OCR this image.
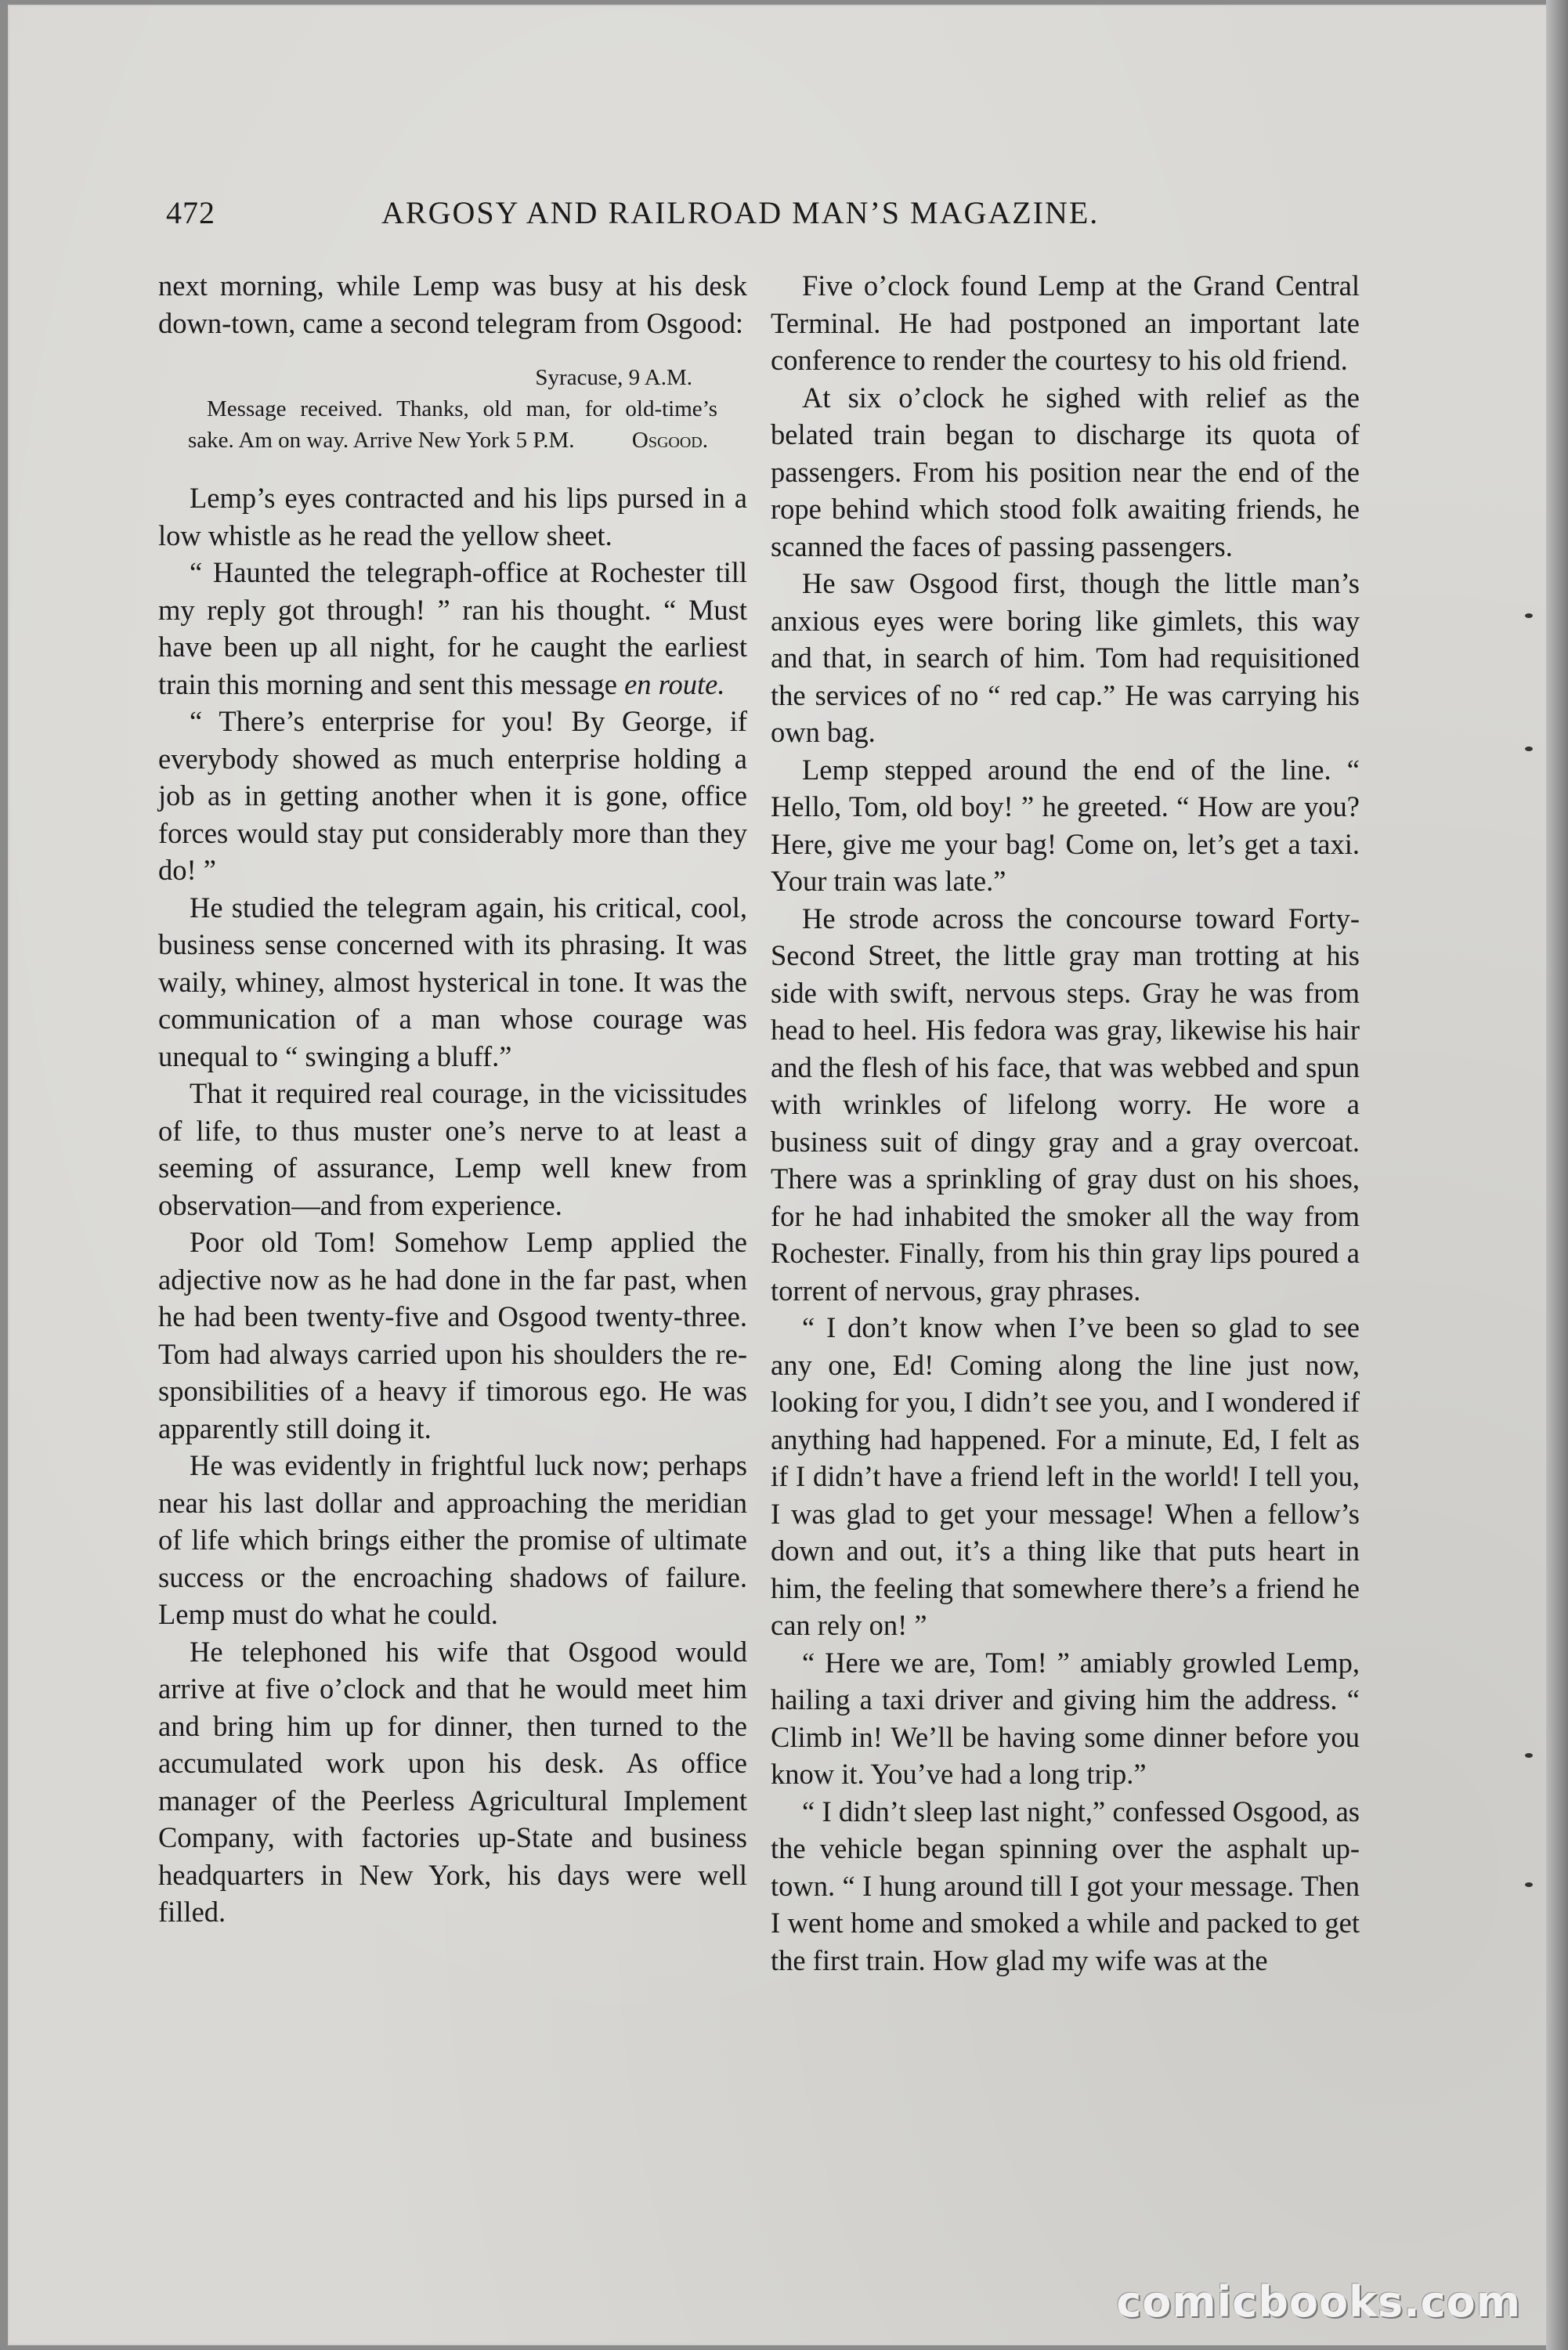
472	ARGOSY AND RAILROAD MAN’S MAGAZINE.

next morning, while Lemp was busy at his desk down-town, came a second telegram from Osgood:

Syracuse, 9 A.M.
Message received. Thanks, old man, for old-time’s sake. Am on way. Arrive New York 5 P.M.	Osgood.

Lemp’s eyes contracted and his lips pursed in a low whistle as he read the yellow sheet.

“ Haunted the telegraph-office at Rochester till my reply got through! ” ran his thought. “ Must have been up all night, for he caught the earliest train this morning and sent this message en route.

“ There’s enterprise for you! By George, if everybody showed as much enterprise holding a job as in getting another when it is gone, office forces would stay put considerably more than they do! ”

He studied the telegram again, his critical, cool, business sense concerned with its phrasing. It was waily, whiney, almost hysterical in tone. It was the communication of a man whose courage was unequal to “ swinging a bluff.”

That it required real courage, in the vicissitudes of life, to thus muster one’s nerve to at least a seeming of assurance, Lemp well knew from observation—and from experience.

Poor old Tom! Somehow Lemp applied the adjective now as he had done in the far past, when he had been twenty-five and Osgood twenty-three. Tom had always carried upon his shoulders the responsibilities of a heavy if timorous ego. He was apparently still doing it.

He was evidently in frightful luck now; perhaps near his last dollar and approaching the meridian of life which brings either the promise of ultimate success or the encroaching shadows of failure. Lemp must do what he could.

He telephoned his wife that Osgood would arrive at five o’clock and that he would meet him and bring him up for dinner, then turned to the accumulated work upon his desk. As office manager of the Peerless Agricultural Implement Company, with factories up-State and business headquarters in New York, his days were well filled.

Five o’clock found Lemp at the Grand Central Terminal. He had postponed an important late conference to render the courtesy to his old friend.

At six o’clock he sighed with relief as the belated train began to discharge its quota of passengers. From his position near the end of the rope behind which stood folk awaiting friends, he scanned the faces of passing passengers.

He saw Osgood first, though the little man’s anxious eyes were boring like gimlets, this way and that, in search of him. Tom had requisitioned the services of no “ red cap.” He was carrying his own bag.

Lemp stepped around the end of the line. “ Hello, Tom, old boy! ” he greeted. “ How are you? Here, give me your bag! Come on, let’s get a taxi. Your train was late.”

He strode across the concourse toward Forty-Second Street, the little gray man trotting at his side with swift, nervous steps. Gray he was from head to heel. His fedora was gray, likewise his hair and the flesh of his face, that was webbed and spun with wrinkles of lifelong worry. He wore a business suit of dingy gray and a gray overcoat. There was a sprinkling of gray dust on his shoes, for he had inhabited the smoker all the way from Rochester. Finally, from his thin gray lips poured a torrent of nervous, gray phrases.

“ I don’t know when I’ve been so glad to see any one, Ed! Coming along the line just now, looking for you, I didn’t see you, and I wondered if anything had happened. For a minute, Ed, I felt as if I didn’t have a friend left in the world! I tell you, I was glad to get your message! When a fellow’s down and out, it’s a thing like that puts heart in him, the feeling that somewhere there’s a friend he can rely on! ”

“ Here we are, Tom! ” amiably growled Lemp, hailing a taxi driver and giving him the address. “ Climb in! We’ll be having some dinner before you know it. You’ve had a long trip.”

“ I didn’t sleep last night,” confessed Osgood, as the vehicle began spinning over the asphalt up-town. “ I hung around till I got your message. Then I went home and smoked a while and packed to get the first train. How glad my wife was at the

comicbooks.com
